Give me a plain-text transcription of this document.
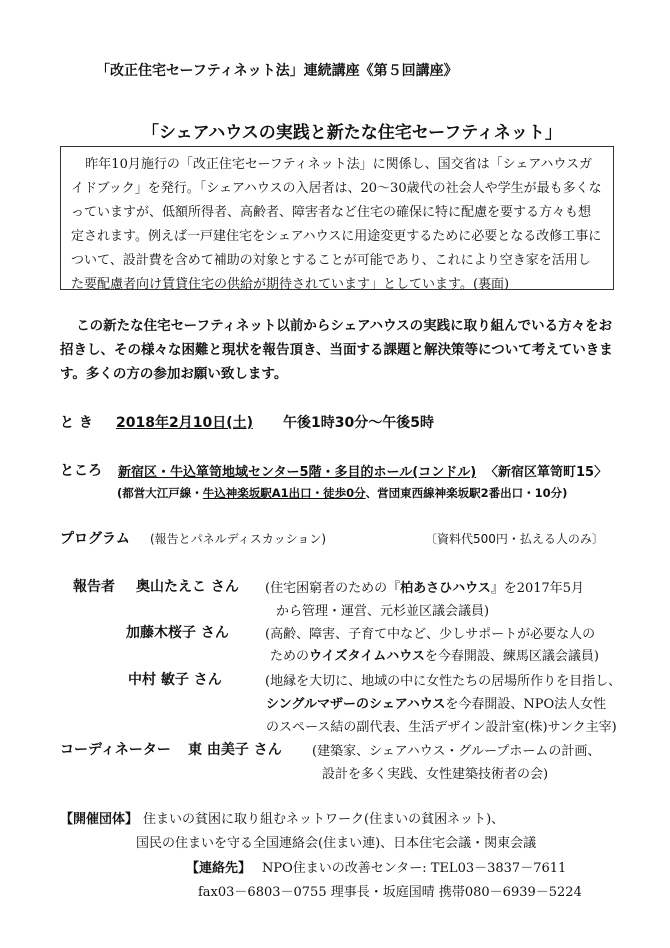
「改正住宅セーフティネット法」連続講座《第５回講座》
「シェアハウスの実践と新たな住宅セーフティネット」

昨年10月施行の「改正住宅セーフティネット法」に関係し、国交省は「シェアハウスガイドブック」を発行。「シェアハウスの入居者は、20～30歳代の社会人や学生が最も多くなっていますが、低額所得者、高齢者、障害者など住宅の確保に特に配慮を要する方々も想定されます。例えば一戸建住宅をシェアハウスに用途変更するために必要となる改修工事について、設計費を含めて補助の対象とすることが可能であり、これにより空き家を活用した要配慮者向け賃貸住宅の供給が期待されています」としています。(裏面)

この新たな住宅セーフティネット以前からシェアハウスの実践に取り組んでいる方々をお招きし、その様々な困難と現状を報告頂き、当面する課題と解決策等について考えていきます。多くの方の参加お願い致します。

と き 2018年2月10日(土) 午後1時30分～午後5時
ところ 新宿区・牛込箪笥地域センター5階・多目的ホール(コンドル) 〈新宿区箪笥町15〉
(都営大江戸線・牛込神楽坂駅A1出口・徒歩0分、営団東西線神楽坂駅2番出口・10分)
プログラム (報告とパネルディスカッション)	〔資料代500円・払える人のみ〕
報告者 奥山たえこ さん (住宅困窮者のための『柏あさひハウス』を2017年5月
から管理・運営、元杉並区議会議員)
加藤木桜子 さん	(高齢、障害、子育て中など、少しサポートが必要な人の
ためのウイズタイムハウスを今春開設、練馬区議会議員)
中村 敏子 さん	(地縁を大切に、地域の中に女性たちの居場所作りを目指し、
シングルマザーのシェアハウスを今春開設、NPO法人女性
のスペース結の副代表、生活デザイン設計室(株)サンク主宰)
コーディネーター 東 由美子 さん (建築家、シェアハウス・グループホームの計画、
設計を多く実践、女性建築技術者の会)
【開催団体】 住まいの貧困に取り組むネットワーク(住まいの貧困ネット)、
国民の住まいを守る全国連絡会(住まい連)、日本住宅会議・関東会議
【連絡先】 NPO住まいの改善センター: TEL03－3837－7611
fax03－6803－0755 理事長・坂庭国晴 携帯080－6939－5224
